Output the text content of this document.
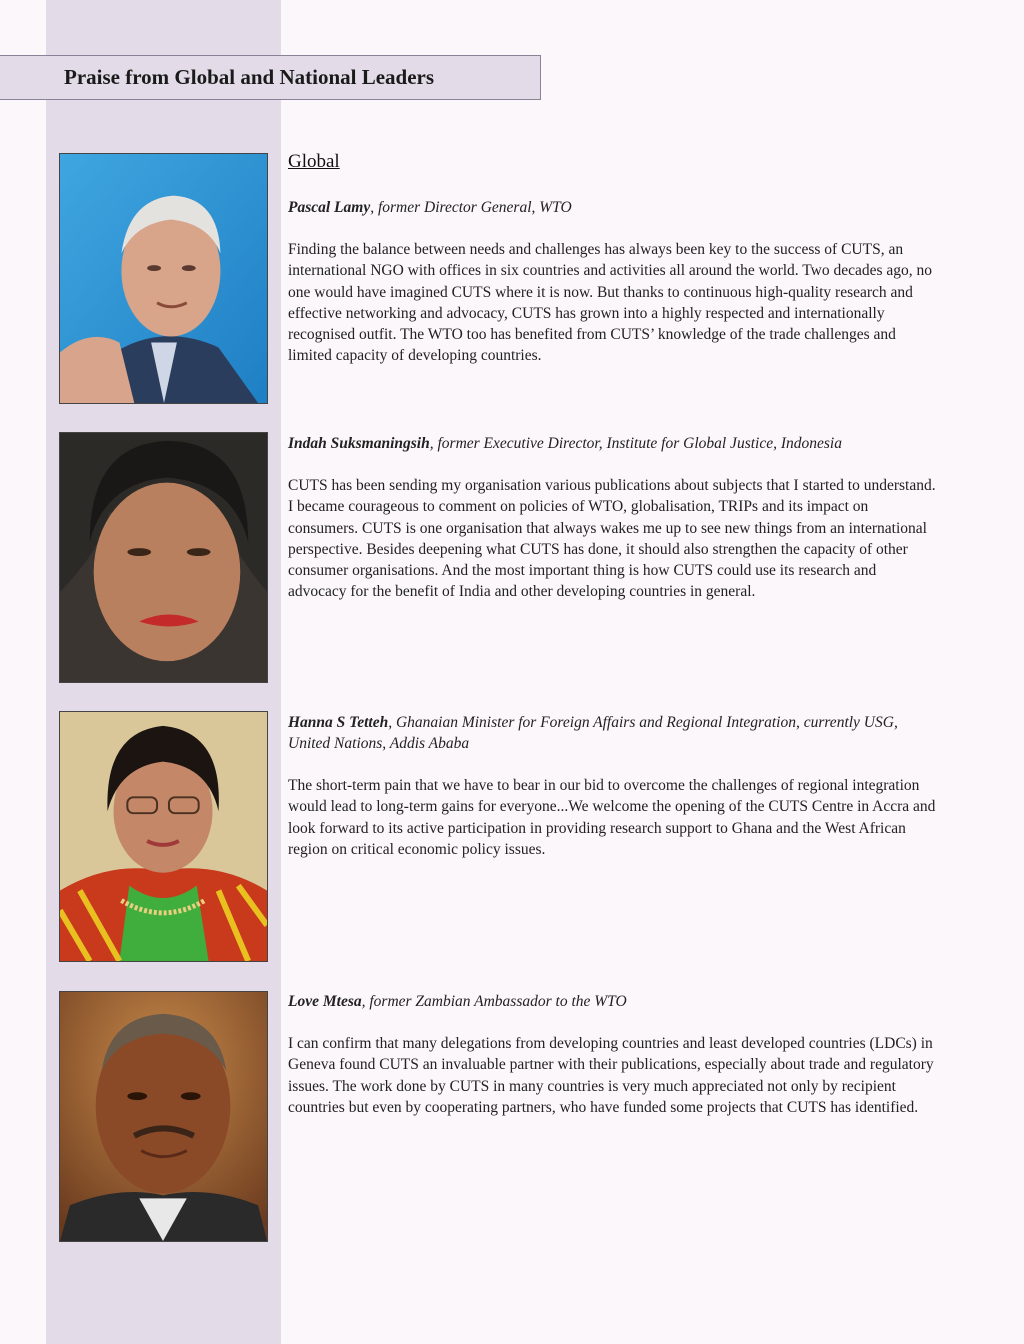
Praise from Global and National Leaders
Global
Pascal Lamy, former Director General, WTO
Finding the balance between needs and challenges has always been key to the success of CUTS, an international NGO with offices in six countries and activities all around the world. Two decades ago, no one would have imagined CUTS where it is now. But thanks to continuous high-quality research and effective networking and advocacy, CUTS has grown into a highly respected and internationally recognised outfit. The WTO too has benefited from CUTS’ knowledge of the trade challenges and limited capacity of developing countries.
Indah Suksmaningsih, former Executive Director, Institute for Global Justice, Indonesia
CUTS has been sending my organisation various publications about subjects that I started to understand. I became courageous to comment on policies of WTO, globalisation, TRIPs and its impact on consumers. CUTS is one organisation that always wakes me up to see new things from an international perspective. Besides deepening what CUTS has done, it should also strengthen the capacity of other consumer organisations. And the most important thing is how CUTS could use its research and advocacy for the benefit of India and other developing countries in general.
Hanna S Tetteh, Ghanaian Minister for Foreign Affairs and Regional Integration, currently USG, United Nations, Addis Ababa
The short-term pain that we have to bear in our bid to overcome the challenges of regional integration would lead to long-term gains for everyone...We welcome the opening of the CUTS Centre in Accra and look forward to its active participation in providing research support to Ghana and the West African region on critical economic policy issues.
Love Mtesa, former Zambian Ambassador to the WTO
I can confirm that many delegations from developing countries and least developed countries (LDCs) in Geneva found CUTS an invaluable partner with their publications, especially about trade and regulatory issues. The work done by CUTS in many countries is very much appreciated not only by recipient countries but even by cooperating partners, who have funded some projects that CUTS has identified.
